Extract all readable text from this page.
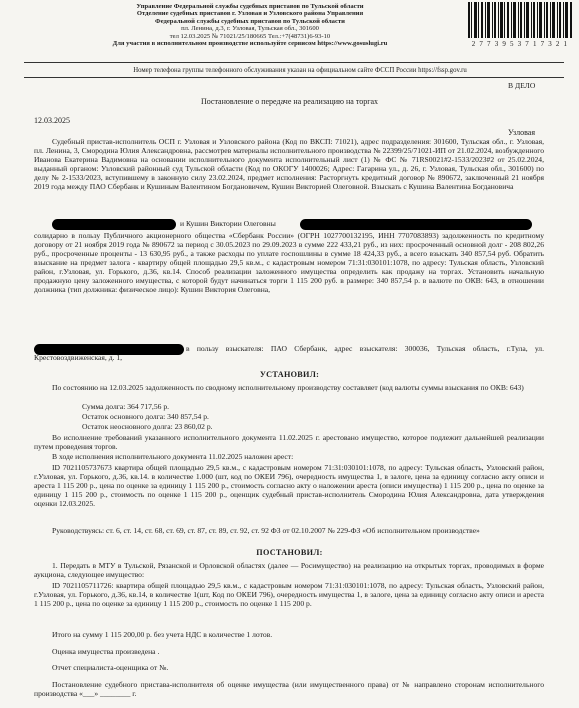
Управление Федеральной службы судебных приставов по Тульской области
Отделение судебных приставов г. Узловая и Узловского района Управления
Федеральной службы судебных приставов по Тульской области
пл. Ленина, д.3, г. Узловая, Тульская обл., 301600
тел 12.03.2025 № 71021/25/180665 Тел.:+7(48731)6-93-10
Для участия в исполнительном производстве используйте сервисом https://www.gosuslugi.ru	2 7 7 3 9 5 3 7 1 7 3 2 1
Номер телефона группы телефонного обслуживания указан на официальном сайте ФССП России https://fssp.gov.ru
В ДЕЛО
Постановление о передаче на реализацию на торгах
12.03.2025
Узловая
Судебный пристав-исполнитель ОСП г. Узловая и Узловского района (Код по ВКСП: 71021), адрес подразделения: 301600, Тульская обл., г. Узловая, пл. Ленина, 3, Смородина Юлия Александровна, рассмотрев материалы исполнительного производства № 22399/25/71021-ИП от 21.02.2024, возбужденного Иванова Екатерина Вадимовна на основании исполнительного документа исполнительный лист (1) № ФС № 71RS0021#2-1533/2023#2 от 25.02.2024, выданный органом: Узловский районный суд Тульской области (Код по ОКОГУ 1400026; Адрес: Гагарина ул., д. 26, г. Узловая, Тульская обл., 301600) по делу № 2-1533/2023, вступившему в законную силу 23.02.2024, предмет исполнения: Расторгнуть кредитный договор № 890672, заключенный 21 ноября 2019 года между ПАО Сбербанк и Кушиным Валентином Богдановичем, Кушин Викторией Олеговной. Взыскать с Кушина Валентина Богдановича
и Кушин Виктории Олеговны
солидарно в пользу Публичного акционерного общества «Сбербанк России» (ОГРН 1027700132195, ИНН 7707083893) задолженность по кредитному договору от 21 ноября 2019 года № 890672 за период с 30.05.2023 по 29.09.2023 в сумме 222 433,21 руб., из них: просроченный основной долг - 208 802,26 руб., просроченные проценты - 13 630,95 руб., а также расходы по уплате госпошлины в сумме 18 424,33 руб., а всего взыскать 340 857,54 руб. Обратить взыскание на предмет залога - квартиру общей площадью 29,5 кв.м., с кадастровым номером 71:31:030101:1078, по адресу: Тульская область, Узловский район, г.Узловая, ул. Горького, д.36, кв.14. Способ реализации заложенного имущества определить как продажу на торгах. Установить начальную продажную цену заложенного имущества, с которой будут начинаться торги 1 115 200 руб. в размере: 340 857,54 р. в валюте по ОКВ: 643, в отношении должника (тип должника: физическое лицо): Кушин Виктория Олеговна,
в пользу взыскателя: ПАО Сбербанк, адрес взыскателя: 300036, Тульская область, г.Тула, ул. Крестовоздвиженская, д. 1,
УСТАНОВИЛ:
По состоянию на 12.03.2025 задолженность по сводному исполнительному производству составляет (код валюты суммы взыскания по ОКВ: 643)
Сумма долга: 364 717,56 р.
Остаток основного долга: 340 857,54 р.
Остаток неосновного долга: 23 860,02 р.
Во исполнение требований указанного исполнительного документа 11.02.2025 г. арестовано имущество, которое подлежит дальнейшей реализации путем проведения торгов.
В ходе исполнения исполнительного документа 11.02.2025 наложен арест:
ID 7021105737673 квартира общей площадью 29,5 кв.м., с кадастровым номером 71:31:030101:1078, по адресу: Тульская область, Узловский район, г.Узловая, ул. Горького, д.36, кв.14. в количестве 1.000 (шт, код по ОКЕИ 796), очередность имущества 1, в залоге, цена за единицу согласно акту описи и ареста 1 115 200 р., цена по оценке за единицу 1 115 200 р., стоимость согласно акту о наложении ареста (описи имущества) 1 115 200 р., цена по оценке за единицу 1 115 200 р., стоимость по оценке 1 115 200 р., оценщик судебный пристав-исполнитель Смородина Юлия Александровна, дата утверждения оценки 12.03.2025.
Руководствуясь: ст. 6, ст. 14, ст. 68, ст. 69, ст. 87, ст. 89, ст. 92, ст. 92 ФЗ от 02.10.2007 № 229-ФЗ «Об исполнительном производстве»
ПОСТАНОВИЛ:
1. Передать в МТУ в Тульской, Рязанской и Орловской областях (далее — Росимущество) на реализацию на открытых торгах, проводимых в форме аукциона, следующее имущество:
ID 7021105711726: квартира общей площадью 29,5 кв.м., с кадастровым номером 71:31:030101:1078, по адресу: Тульская область, Узловский район, г.Узловая, ул. Горького, д.36, кв.14, в количестве 1(шт, Код по ОКЕИ 796), очередность имущества 1, в залоге, цена за единицу согласно акту описи и ареста 1 115 200 р., цена по оценке за единицу 1 115 200 р., стоимость по оценке 1 115 200 р.
Итого на сумму 1 115 200,00 р. без учета НДС в количестве 1 лотов.
Оценка имущества произведена .
Отчет специалиста-оценщика от №.
Постановление судебного пристава-исполнителя об оценке имущества (или имущественного права) от № направлено сторонам исполнительного производства «___» ________ г.
